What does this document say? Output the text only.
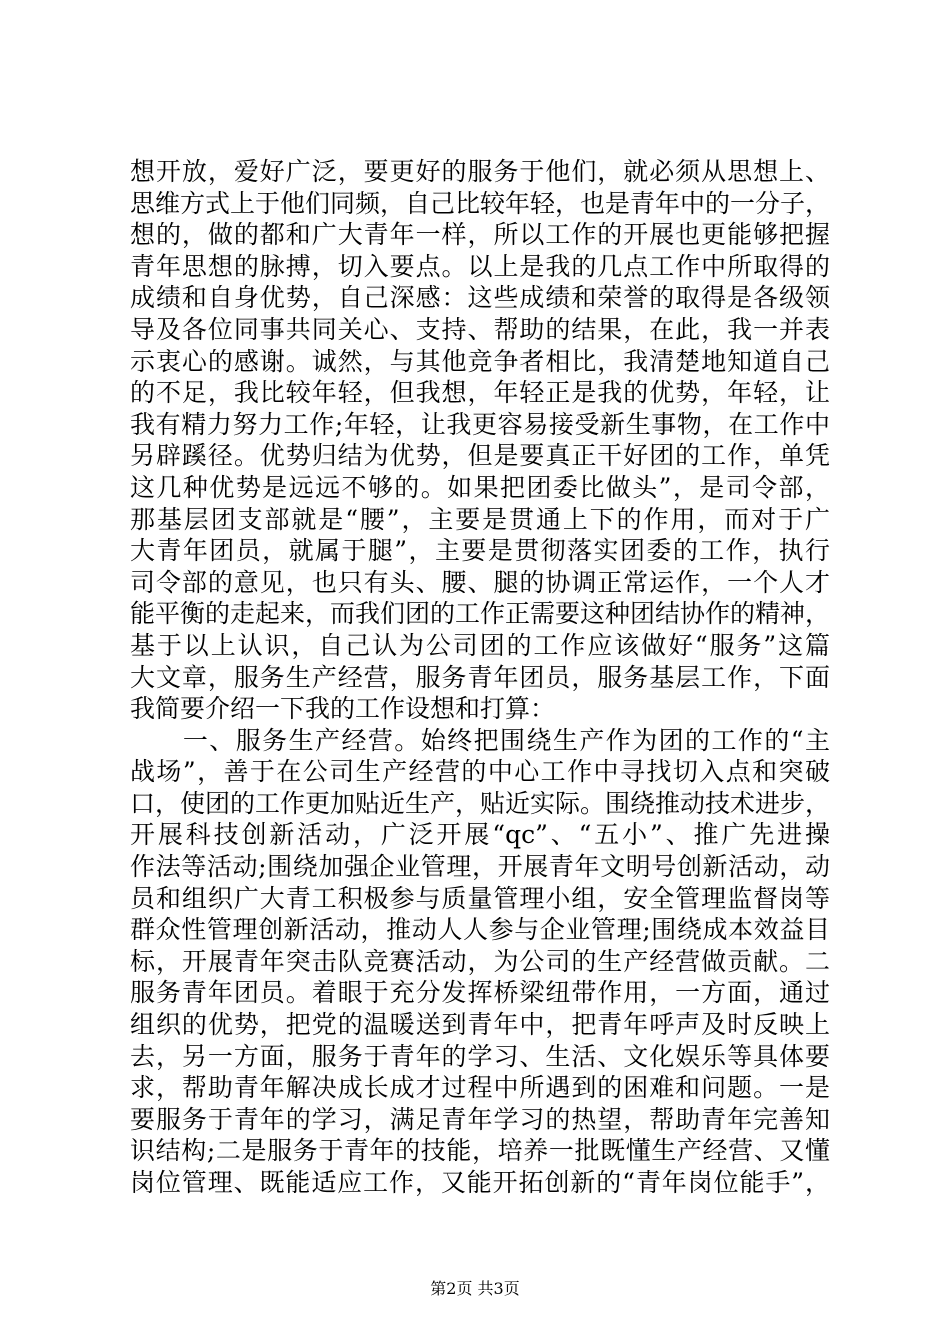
想开放，爱好广泛，要更好的服务于他们，就必须从思想上、
思维方式上于他们同频，自己比较年轻，也是青年中的一分子，
想的，做的都和广大青年一样，所以工作的开展也更能够把握
青年思想的脉搏，切入要点。以上是我的几点工作中所取得的
成绩和自身优势，自己深感：这些成绩和荣誉的取得是各级领
导及各位同事共同关心、支持、帮助的结果，在此，我一并表
示衷心的感谢。诚然，与其他竞争者相比，我清楚地知道自己
的不足，我比较年轻，但我想，年轻正是我的优势，年轻，让
我有精力努力工作;年轻，让我更容易接受新生事物，在工作中
另辟蹊径。优势归结为优势，但是要真正干好团的工作，单凭
这几种优势是远远不够的。如果把团委比做头”，是司令部，
那基层团支部就是“腰”，主要是贯通上下的作用，而对于广
大青年团员，就属于腿”，主要是贯彻落实团委的工作，执行
司令部的意见，也只有头、腰、腿的协调正常运作，一个人才
能平衡的走起来，而我们团的工作正需要这种团结协作的精神，
基于以上认识，自己认为公司团的工作应该做好“服务”这篇
大文章，服务生产经营，服务青年团员，服务基层工作，下面
我简要介绍一下我的工作设想和打算：
　　一、服务生产经营。始终把围绕生产作为团的工作的“主
战场”，善于在公司生产经营的中心工作中寻找切入点和突破
口，使团的工作更加贴近生产，贴近实际。围绕推动技术进步，
开展科技创新活动，广泛开展“qc”、“五小”、推广先进操
作法等活动;围绕加强企业管理，开展青年文明号创新活动，动
员和组织广大青工积极参与质量管理小组，安全管理监督岗等
群众性管理创新活动，推动人人参与企业管理;围绕成本效益目
标，开展青年突击队竞赛活动，为公司的生产经营做贡献。二
服务青年团员。着眼于充分发挥桥梁纽带作用，一方面，通过
组织的优势，把党的温暖送到青年中，把青年呼声及时反映上
去，另一方面，服务于青年的学习、生活、文化娱乐等具体要
求，帮助青年解决成长成才过程中所遇到的困难和问题。一是
要服务于青年的学习，满足青年学习的热望，帮助青年完善知
识结构;二是服务于青年的技能，培养一批既懂生产经营、又懂
岗位管理、既能适应工作，又能开拓创新的“青年岗位能手”，
第2页 共3页
